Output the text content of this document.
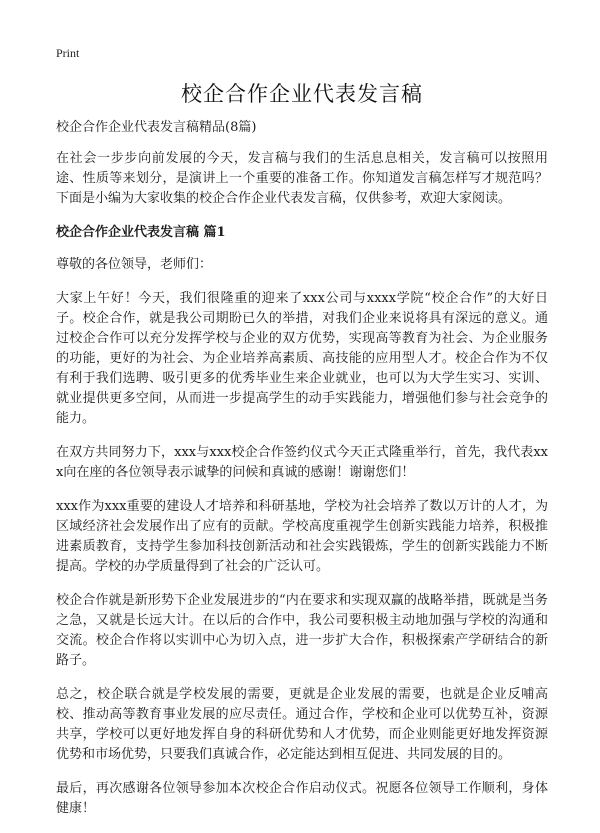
Print
校企合作企业代表发言稿

校企合作企业代表发言稿精品(8篇)

在社会一步步向前发展的今天，发言稿与我们的生活息息相关，发言稿可以按照用途、性质等来划分，是演讲上一个重要的准备工作。你知道发言稿怎样写才规范吗？下面是小编为大家收集的校企合作企业代表发言稿，仅供参考，欢迎大家阅读。

校企合作企业代表发言稿 篇1

尊敬的各位领导，老师们：

大家上午好！今天，我们很隆重的迎来了xxx公司与xxxx学院“校企合作”的大好日子。校企合作，就是我公司期盼已久的举措，对我们企业来说将具有深远的意义。通过校企合作可以充分发挥学校与企业的双方优势，实现高等教育为社会、为企业服务的功能，更好的为社会、为企业培养高素质、高技能的应用型人才。校企合作为不仅有利于我们选聘、吸引更多的优秀毕业生来企业就业，也可以为大学生实习、实训、就业提供更多空间，从而进一步提高学生的动手实践能力，增强他们参与社会竞争的能力。

在双方共同努力下，xxx与xxx校企合作签约仪式今天正式隆重举行，首先，我代表xxx向在座的各位领导表示诚挚的问候和真诚的感谢！谢谢您们！

xxx作为xxx重要的建设人才培养和科研基地，学校为社会培养了数以万计的人才，为区域经济社会发展作出了应有的贡献。学校高度重视学生创新实践能力培养，积极推进素质教育，支持学生参加科技创新活动和社会实践锻炼，学生的创新实践能力不断提高。学校的办学质量得到了社会的广泛认可。

校企合作就是新形势下企业发展进步的“内在要求和实现双赢的战略举措，既就是当务之急，又就是长远大计。在以后的合作中，我公司要积极主动地加强与学校的沟通和交流。校企合作将以实训中心为切入点，进一步扩大合作，积极探索产学研结合的新路子。

总之，校企联合就是学校发展的需要，更就是企业发展的需要，也就是企业反哺高校、推动高等教育事业发展的应尽责任。通过合作，学校和企业可以优势互补，资源共享，学校可以更好地发挥自身的科研优势和人才优势，而企业则能更好地发挥资源优势和市场优势，只要我们真诚合作，必定能达到相互促进、共同发展的目的。

最后，再次感谢各位领导参加本次校企合作启动仪式。祝愿各位领导工作顺利，身体健康！
